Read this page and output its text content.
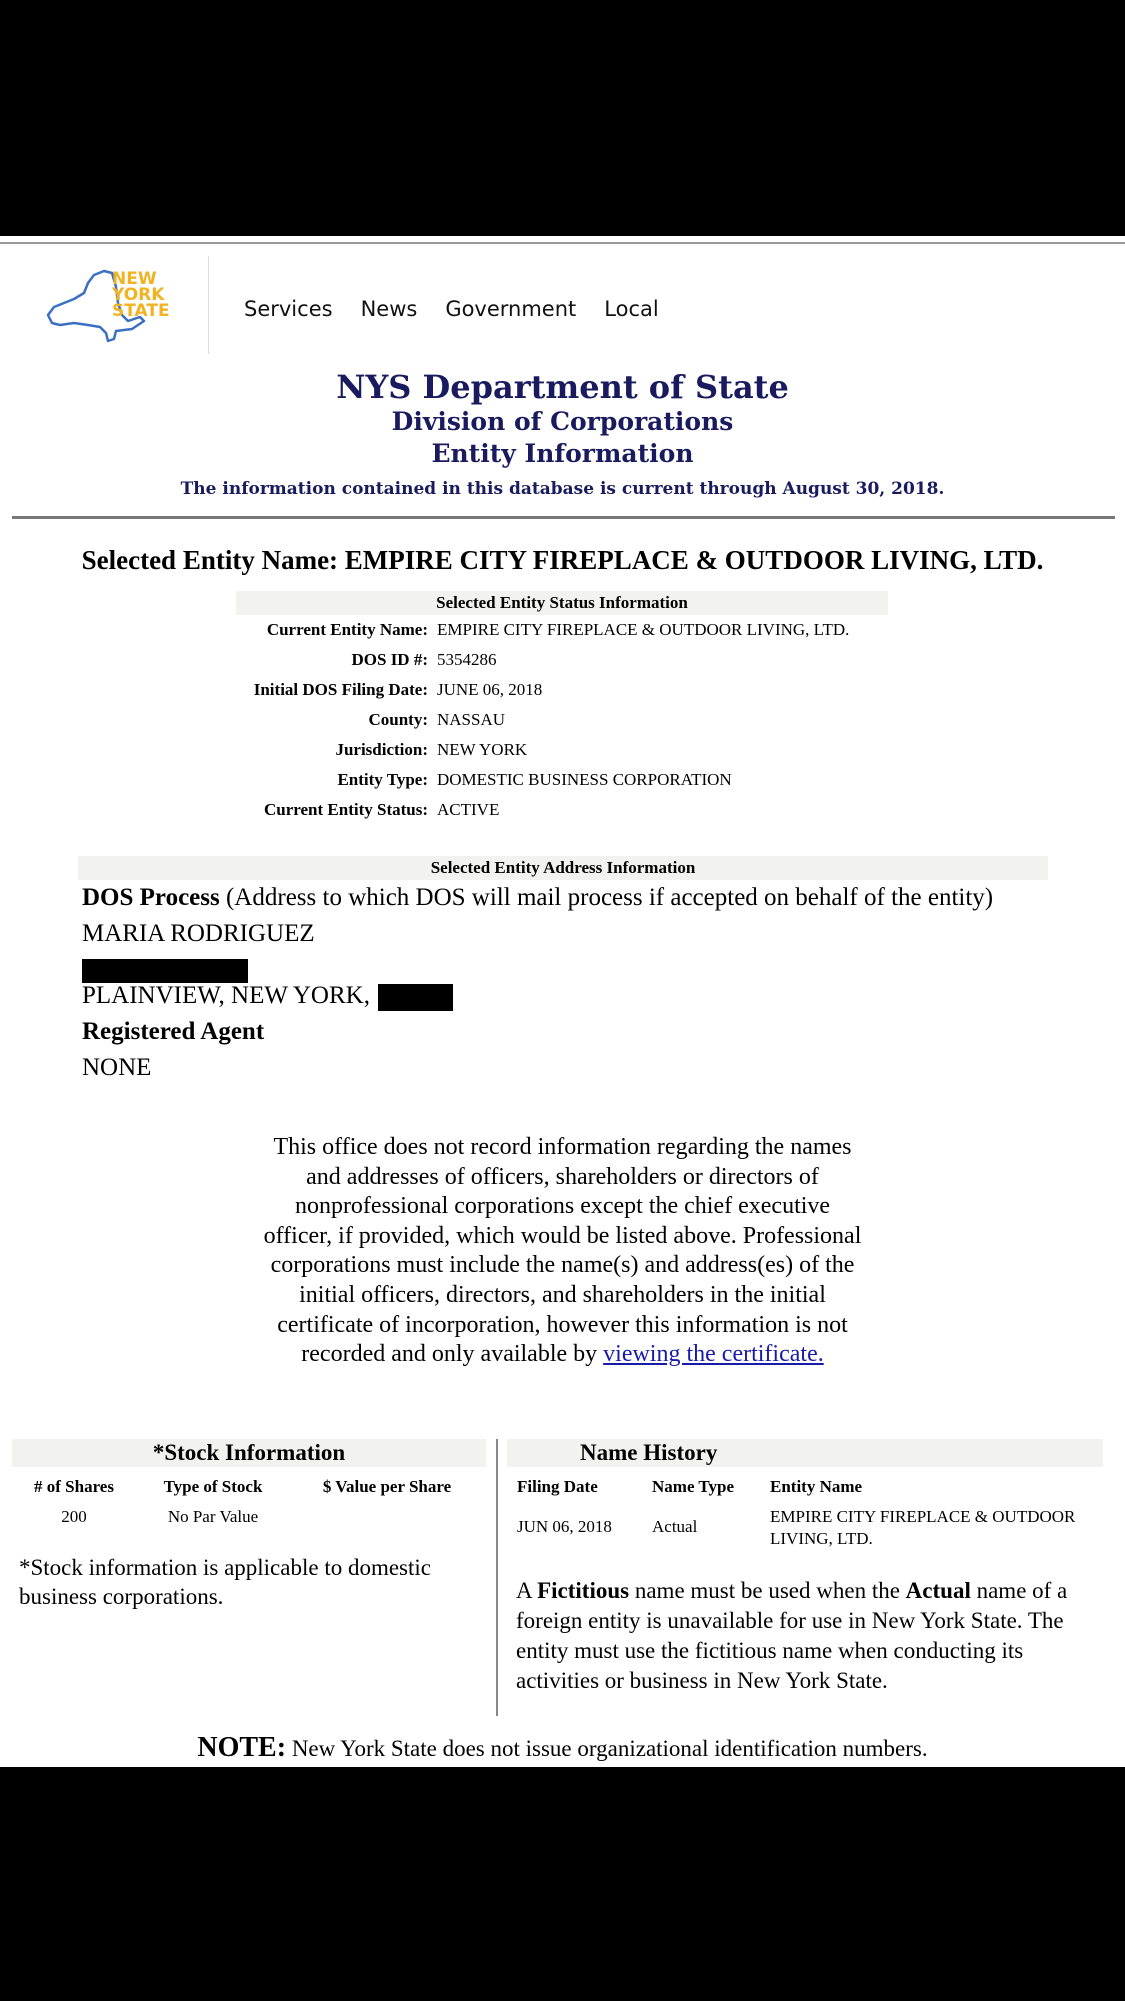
NEW YORK STATE	Services News Government Local
NYS Department of State
Division of Corporations
Entity Information
The information contained in this database is current through August 30, 2018.
Selected Entity Name: EMPIRE CITY FIREPLACE & OUTDOOR LIVING, LTD.
Selected Entity Status Information
Current Entity Name: EMPIRE CITY FIREPLACE & OUTDOOR LIVING, LTD.
DOS ID #: 5354286
Initial DOS Filing Date: JUNE 06, 2018
County: NASSAU
Jurisdiction: NEW YORK
Entity Type: DOMESTIC BUSINESS CORPORATION
Current Entity Status: ACTIVE
Selected Entity Address Information
DOS Process (Address to which DOS will mail process if accepted on behalf of the entity)
MARIA RODRIGUEZ
PLAINVIEW, NEW YORK,
Registered Agent
NONE
This office does not record information regarding the names and addresses of officers, shareholders or directors of nonprofessional corporations except the chief executive officer, if provided, which would be listed above. Professional corporations must include the name(s) and address(es) of the initial officers, directors, and shareholders in the initial certificate of incorporation, however this information is not recorded and only available by viewing the certificate.
*Stock Information
# of Shares	Type of Stock	$ Value per Share
200	No Par Value
*Stock information is applicable to domestic business corporations.
Name History
Filing Date	Name Type Entity Name
JUN 06, 2018 Actual
EMPIRE CITY FIREPLACE & OUTDOOR LIVING, LTD.
A Fictitious name must be used when the Actual name of a foreign entity is unavailable for use in New York State. The entity must use the fictitious name when conducting its activities or business in New York State.
NOTE: New York State does not issue organizational identification numbers.
